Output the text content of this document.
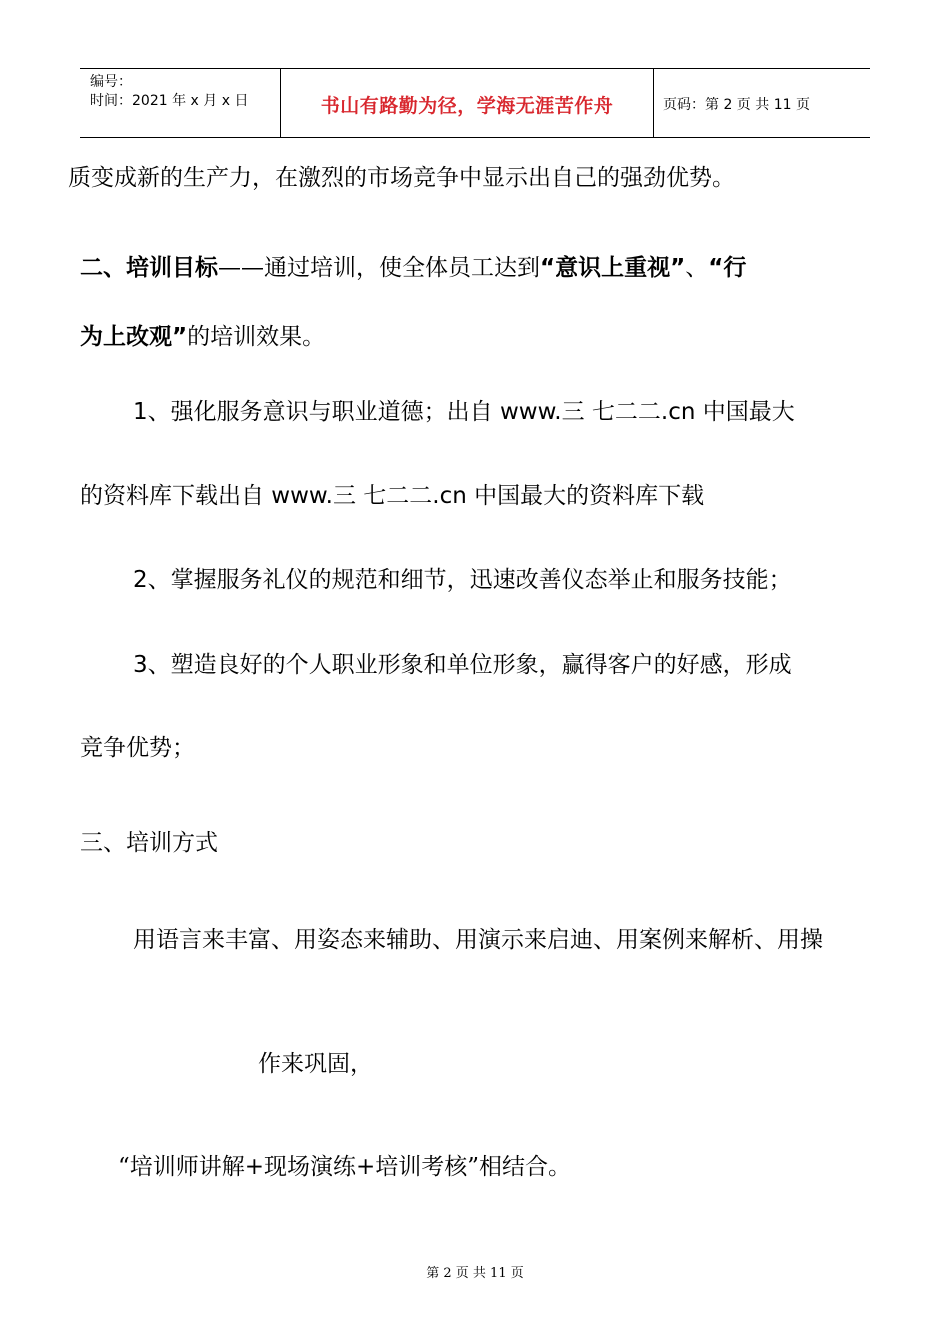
编号：
时间：2021 年 x 月 x 日	书山有路勤为径，学海无涯苦作舟	页码：第 2 页 共 11 页
质变成新的生产力，在激烈的市场竞争中显示出自己的强劲优势。
二、培训目标——通过培训，使全体员工达到“意识上重视”、“行
为上改观”的培训效果。
1、强化服务意识与职业道德；出自 www.三 七二二.cn 中国最大
的资料库下载出自 www.三 七二二.cn 中国最大的资料库下载
2、掌握服务礼仪的规范和细节，迅速改善仪态举止和服务技能；
3、塑造良好的个人职业形象和单位形象，赢得客户的好感，形成
竞争优势；
三、培训方式
用语言来丰富、用姿态来辅助、用演示来启迪、用案例来解析、用操
作来巩固，
“培训师讲解+现场演练+培训考核”相结合。
第 2 页 共 11 页
